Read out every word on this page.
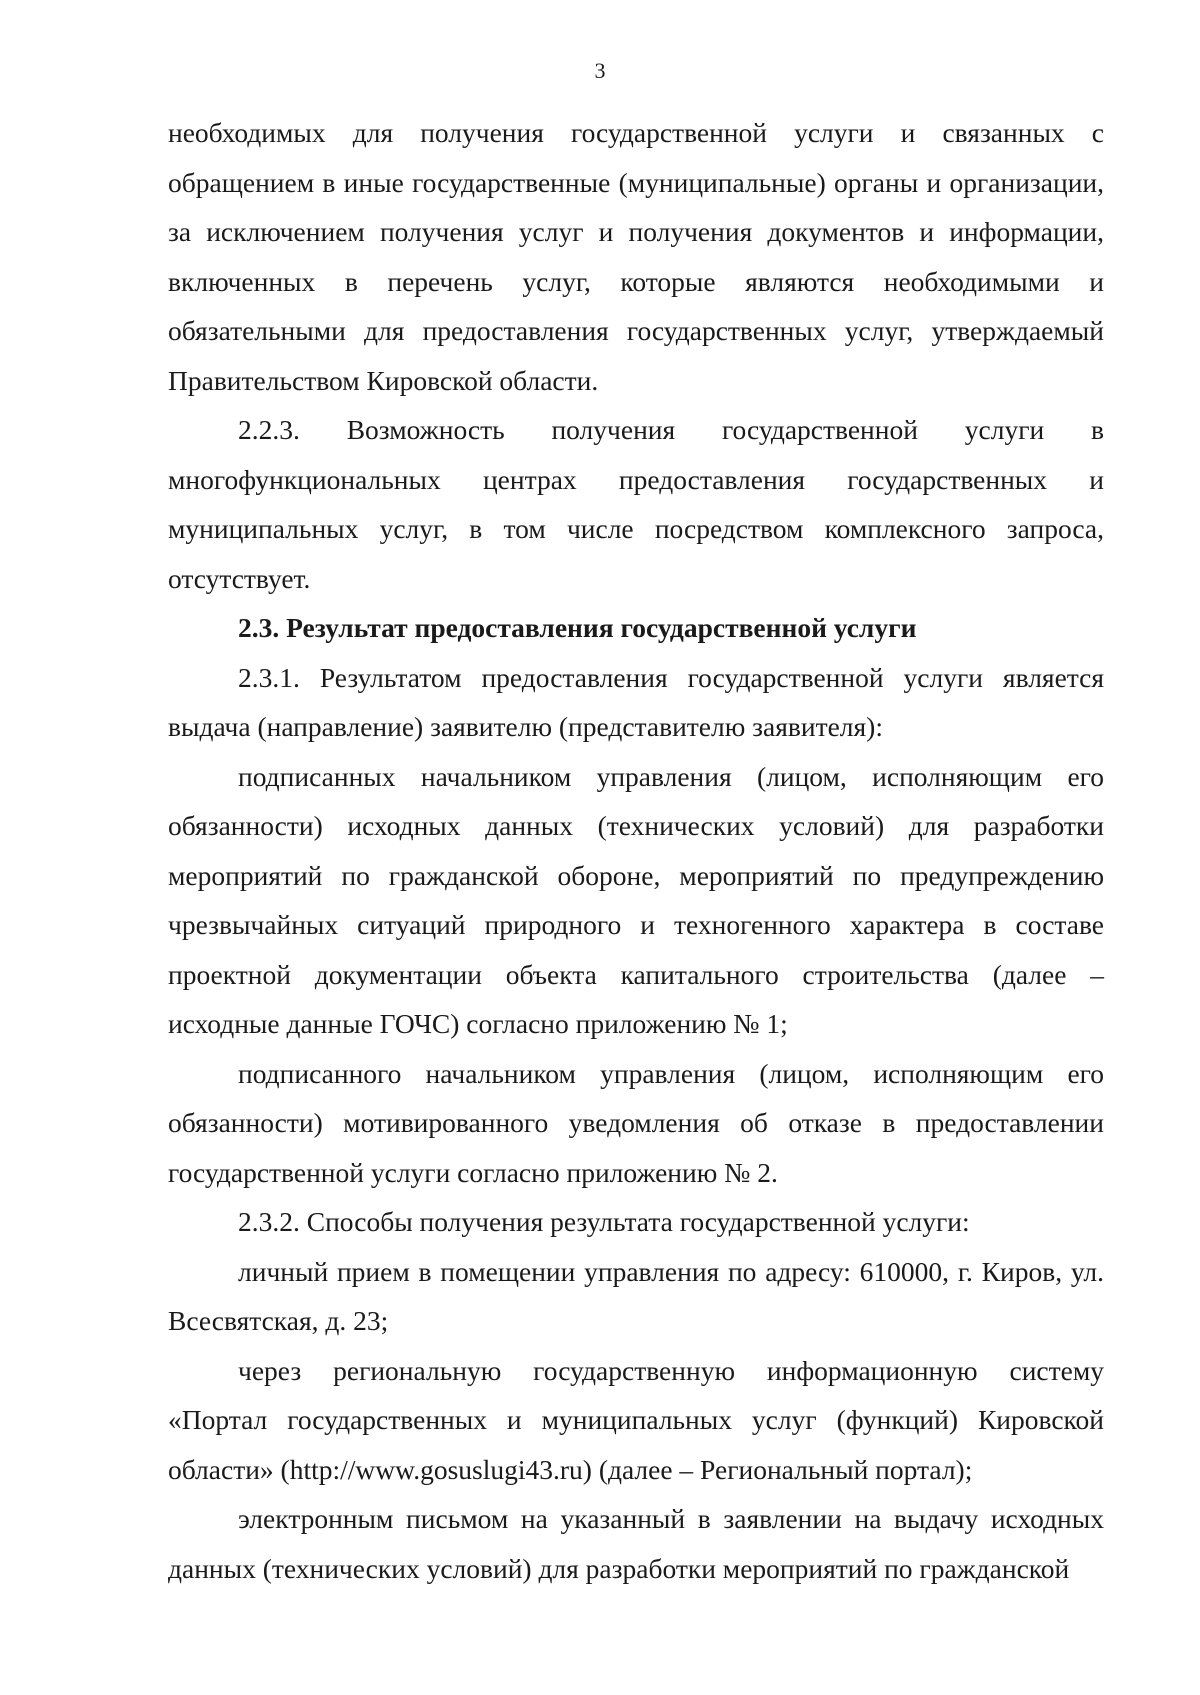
3

необходимых для получения государственной услуги и связанных с обращением в иные государственные (муниципальные) органы и организации, за исключением получения услуг и получения документов и информации, включенных в перечень услуг, которые являются необходимыми и обязательными для предоставления государственных услуг, утверждаемый Правительством Кировской области.

2.2.3. Возможность получения государственной услуги в многофункциональных центрах предоставления государственных и муниципальных услуг, в том числе посредством комплексного запроса, отсутствует.

2.3. Результат предоставления государственной услуги

2.3.1. Результатом предоставления государственной услуги является выдача (направление) заявителю (представителю заявителя):

подписанных начальником управления (лицом, исполняющим его обязанности) исходных данных (технических условий) для разработки мероприятий по гражданской обороне, мероприятий по предупреждению чрезвычайных ситуаций природного и техногенного характера в составе проектной документации объекта капитального строительства (далее – исходные данные ГОЧС) согласно приложению № 1;

подписанного начальником управления (лицом, исполняющим его обязанности) мотивированного уведомления об отказе в предоставлении государственной услуги согласно приложению № 2.

2.3.2. Способы получения результата государственной услуги:

личный прием в помещении управления по адресу: 610000, г. Киров, ул. Всесвятская, д. 23;

через региональную государственную информационную систему «Портал государственных и муниципальных услуг (функций) Кировской области» (http://www.gosuslugi43.ru) (далее – Региональный портал);

электронным письмом на указанный в заявлении на выдачу исходных данных (технических условий) для разработки мероприятий по гражданской
